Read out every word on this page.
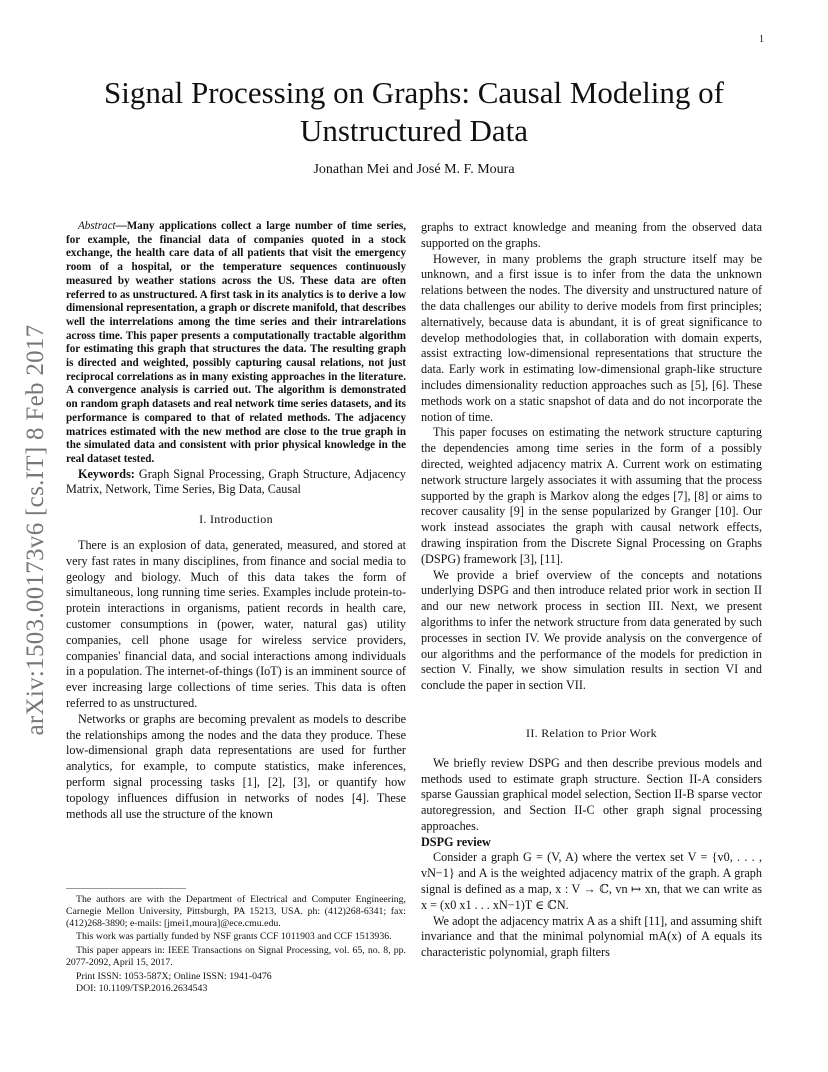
1
arXiv:1503.00173v6 [cs.IT] 8 Feb 2017
Signal Processing on Graphs: Causal Modeling of
Unstructured Data
Jonathan Mei and José M. F. Moura

Abstract—Many applications collect a large number of time series, for example, the financial data of companies quoted in a stock exchange, the health care data of all patients that visit the emergency room of a hospital, or the temperature sequences continuously measured by weather stations across the US. These data are often referred to as unstructured. A first task in its analytics is to derive a low dimensional representation, a graph or discrete manifold, that describes well the interrelations among the time series and their intrarelations across time. This paper presents a computationally tractable algorithm for estimating this graph that structures the data. The resulting graph is directed and weighted, possibly capturing causal relations, not just reciprocal correlations as in many existing approaches in the literature. A convergence analysis is carried out. The algorithm is demonstrated on random graph datasets and real network time series datasets, and its performance is compared to that of related methods. The adjacency matrices estimated with the new method are close to the true graph in the simulated data and consistent with prior physical knowledge in the real dataset tested.

Keywords: Graph Signal Processing, Graph Structure, Adjacency Matrix, Network, Time Series, Big Data, Causal

I. Introduction

There is an explosion of data, generated, measured, and stored at very fast rates in many disciplines, from finance and social media to geology and biology. Much of this data takes the form of simultaneous, long running time series. Examples include protein-to-protein interactions in organisms, patient records in health care, customer consumptions in (power, water, natural gas) utility companies, cell phone usage for wireless service providers, companies' financial data, and social interactions among individuals in a population. The internet-of-things (IoT) is an imminent source of ever increasing large collections of time series. This data is often referred to as unstructured.

Networks or graphs are becoming prevalent as models to describe the relationships among the nodes and the data they produce. These low-dimensional graph data representations are used for further analytics, for example, to compute statistics, make inferences, perform signal processing tasks [1], [2], [3], or quantify how topology influences diffusion in networks of nodes [4]. These methods all use the structure of the known

The authors are with the Department of Electrical and Computer Engineering, Carnegie Mellon University, Pittsburgh, PA 15213, USA. ph: (412)268-6341; fax: (412)268-3890; e-mails: [jmei1,moura]@ece.cmu.edu.

This work was partially funded by NSF grants CCF 1011903 and CCF 1513936.

This paper appears in: IEEE Transactions on Signal Processing, vol. 65, no. 8, pp. 2077-2092, April 15, 2017.

Print ISSN: 1053-587X; Online ISSN: 1941-0476

DOI: 10.1109/TSP.2016.2634543

graphs to extract knowledge and meaning from the observed data supported on the graphs.

However, in many problems the graph structure itself may be unknown, and a first issue is to infer from the data the unknown relations between the nodes. The diversity and unstructured nature of the data challenges our ability to derive models from first principles; alternatively, because data is abundant, it is of great significance to develop methodologies that, in collaboration with domain experts, assist extracting low-dimensional representations that structure the data. Early work in estimating low-dimensional graph-like structure includes dimensionality reduction approaches such as [5], [6]. These methods work on a static snapshot of data and do not incorporate the notion of time.

This paper focuses on estimating the network structure capturing the dependencies among time series in the form of a possibly directed, weighted adjacency matrix A. Current work on estimating network structure largely associates it with assuming that the process supported by the graph is Markov along the edges [7], [8] or aims to recover causality [9] in the sense popularized by Granger [10]. Our work instead associates the graph with causal network effects, drawing inspiration from the Discrete Signal Processing on Graphs (DSPG) framework [3], [11].

We provide a brief overview of the concepts and notations underlying DSPG and then introduce related prior work in section II and our new network process in section III. Next, we present algorithms to infer the network structure from data generated by such processes in section IV. We provide analysis on the convergence of our algorithms and the performance of the models for prediction in section V. Finally, we show simulation results in section VI and conclude the paper in section VII.

II. Relation to Prior Work

We briefly review DSPG and then describe previous models and methods used to estimate graph structure. Section II-A considers sparse Gaussian graphical model selection, Section II-B sparse vector autoregression, and Section II-C other graph signal processing approaches.

DSPG review

Consider a graph G = (V, A) where the vertex set V = {v0, . . . , vN−1} and A is the weighted adjacency matrix of the graph. A graph signal is defined as a map, x : V → ℂ, vn ↦ xn, that we can write as x = (x0 x1 . . . xN−1)T ∈ ℂN.

We adopt the adjacency matrix A as a shift [11], and assuming shift invariance and that the minimal polynomial mA(x) of A equals its characteristic polynomial, graph filters
